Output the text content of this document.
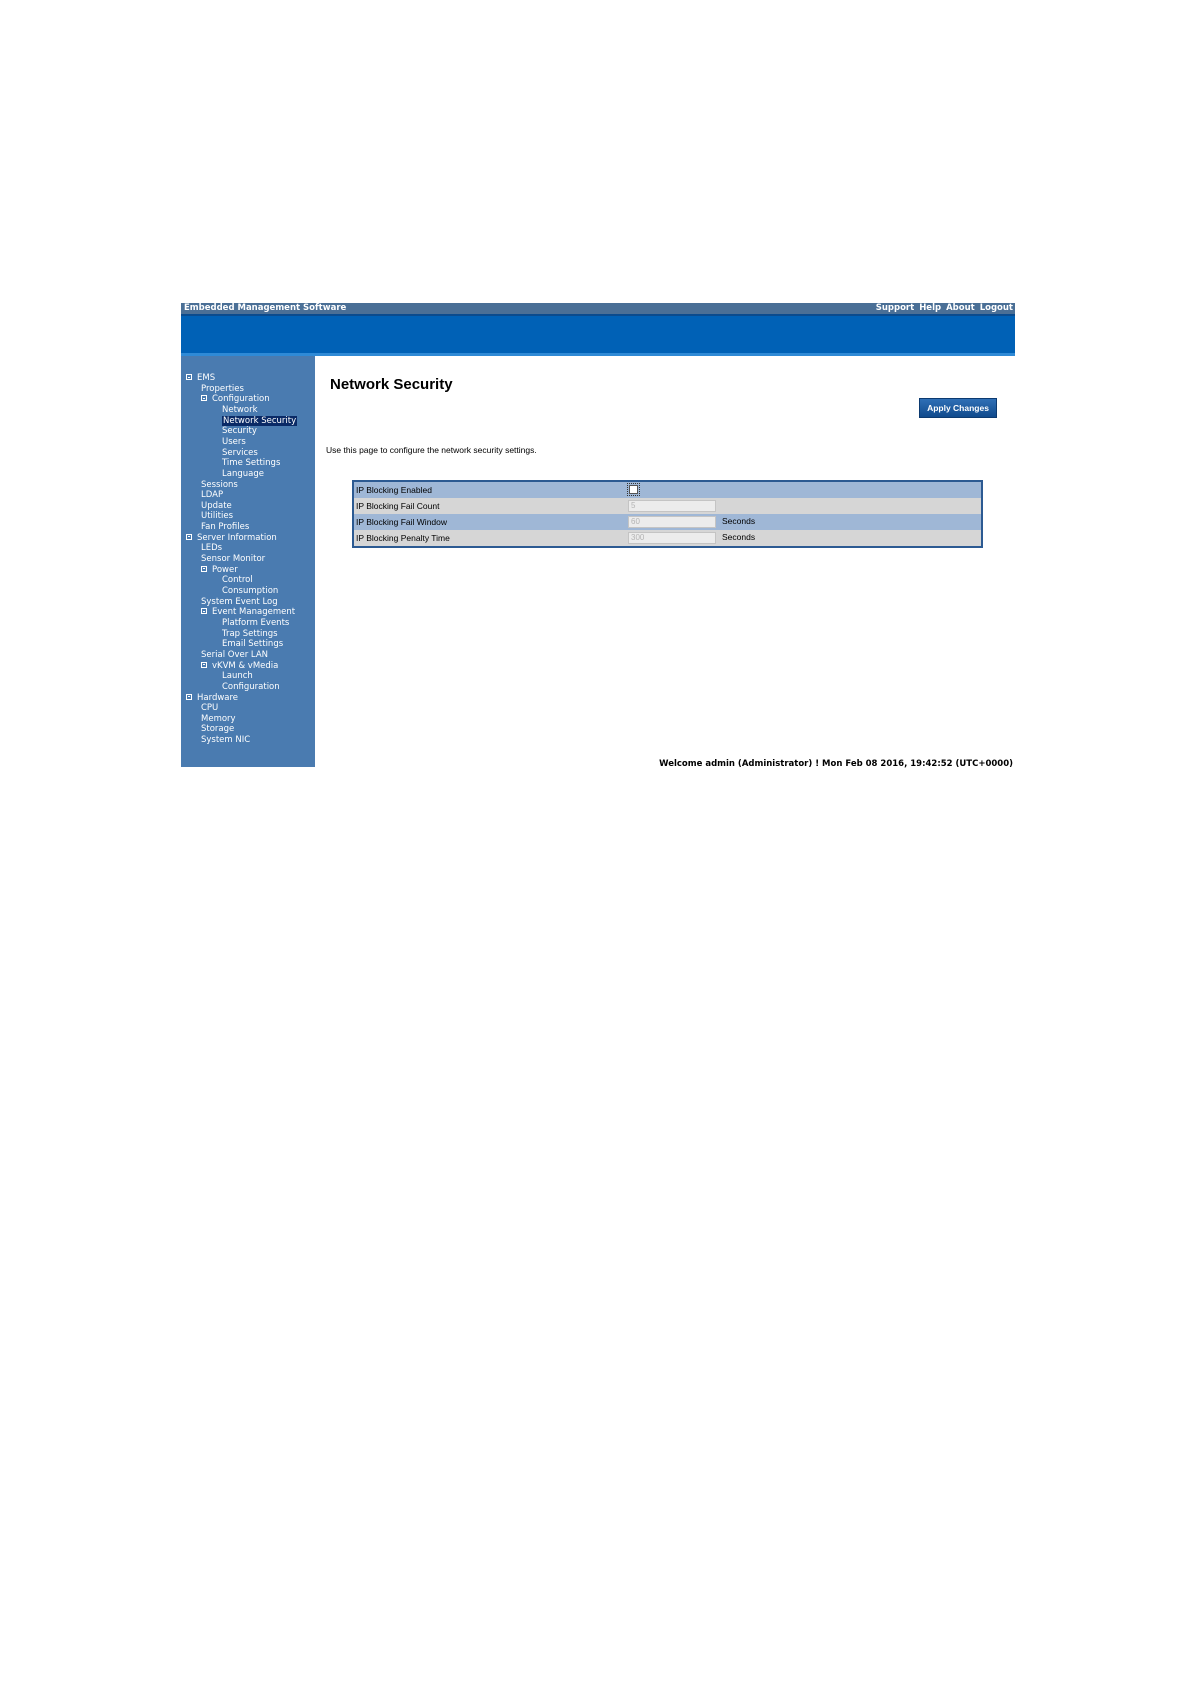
Embedded Management Software	Support Help About Logout
EMS
Properties
Configuration
Network
Network Security
Security
Users
Services
Time Settings
Language
Sessions
LDAP
Update
Utilities
Fan Profiles
Server Information
LEDs
Sensor Monitor
Power
Control
Consumption
System Event Log
Event Management
Platform Events
Trap Settings
Email Settings
Serial Over LAN
vKVM & vMedia
Launch
Configuration
Hardware
CPU
Memory
Storage
System NIC
Network Security
Apply Changes
Use this page to configure the network security settings.
IP Blocking Enabled
IP Blocking Fail Count	5
IP Blocking Fail Window	60	Seconds
IP Blocking Penalty Time	300	Seconds
Welcome admin (Administrator) ! Mon Feb 08 2016, 19:42:52 (UTC+0000)
